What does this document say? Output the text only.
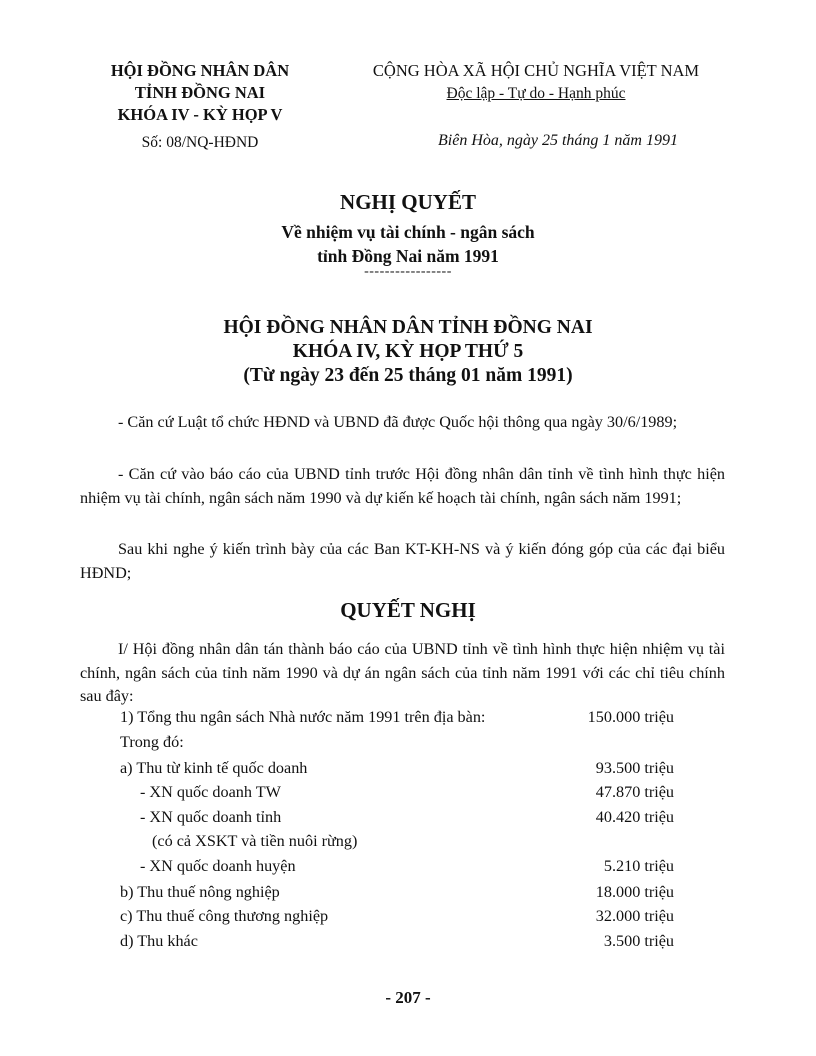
HỘI ĐỒNG NHÂN DÂN
TỈNH ĐỒNG NAI
KHÓA IV - KỲ HỌP V
Số: 08/NQ-HĐND
CỘNG HÒA XÃ HỘI CHỦ NGHĨA VIỆT NAM
Độc lập - Tự do - Hạnh phúc
Biên Hòa, ngày 25 tháng 1 năm 1991
NGHỊ QUYẾT
Về nhiệm vụ tài chính - ngân sách
tỉnh Đồng Nai năm 1991
-----------------
HỘI ĐỒNG NHÂN DÂN TỈNH ĐỒNG NAI
KHÓA IV, KỲ HỌP THỨ 5
(Từ ngày 23 đến 25 tháng 01 năm 1991)
- Căn cứ Luật tổ chức HĐND và UBND đã được Quốc hội thông qua ngày 30/6/1989;
- Căn cứ vào báo cáo của UBND tỉnh trước Hội đồng nhân dân tỉnh về tình hình thực hiện nhiệm vụ tài chính, ngân sách năm 1990 và dự kiến kế hoạch tài chính, ngân sách năm 1991;
Sau khi nghe ý kiến trình bày của các Ban KT-KH-NS và ý kiến đóng góp của các đại biểu HĐND;
QUYẾT NGHỊ
I/ Hội đồng nhân dân tán thành báo cáo của UBND tỉnh về tình hình thực hiện nhiệm vụ tài chính, ngân sách của tỉnh năm 1990 và dự án ngân sách của tỉnh năm 1991 với các chỉ tiêu chính sau đây:
1) Tổng thu ngân sách Nhà nước năm 1991 trên địa bàn:	150.000 triệu
Trong đó:
a) Thu từ kinh tế quốc doanh	93.500 triệu
- XN quốc doanh TW	47.870 triệu
- XN quốc doanh tỉnh	40.420 triệu
(có cả XSKT và tiền nuôi rừng)
- XN quốc doanh huyện	5.210 triệu
b) Thu thuế nông nghiệp	18.000 triệu
c) Thu thuế công thương nghiệp	32.000 triệu
d) Thu khác	3.500 triệu
- 207 -
